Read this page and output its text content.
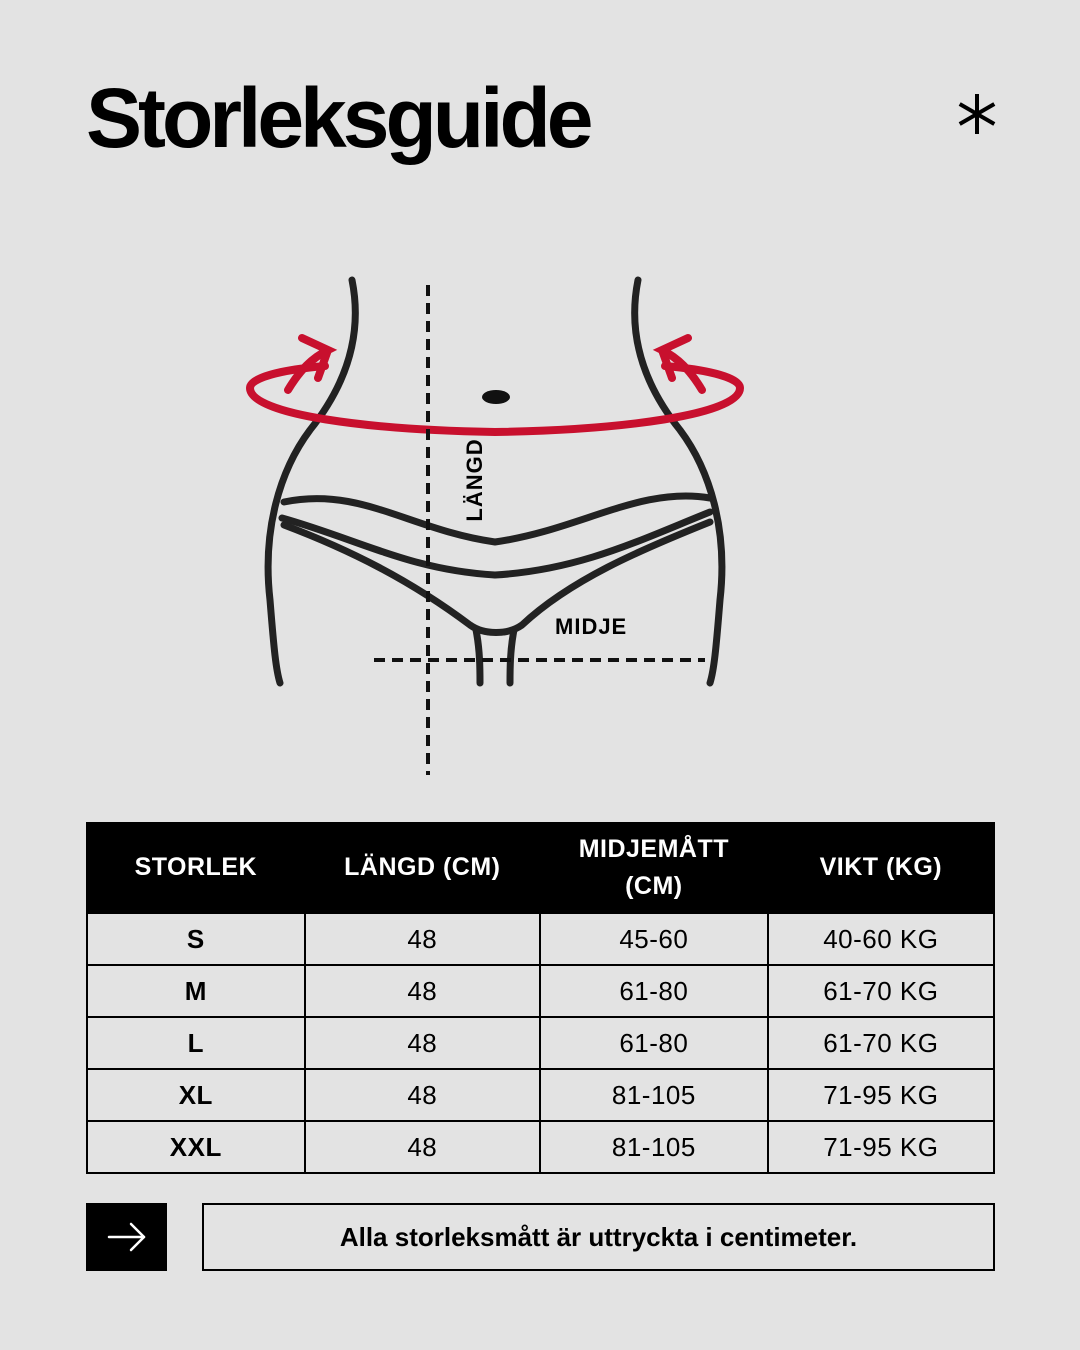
Storleksguide
LÄNGD
MIDJE
STORLEK	LÄNGD (CM)	MIDJEMÅTT (CM)	VIKT (KG)
S	48	45-60	40-60 KG
M	48	61-80	61-70 KG
L	48	61-80	61-70 KG
XL	48	81-105	71-95 KG
XXL	48	81-105	71-95 KG
Alla storleksmått är uttryckta i centimeter.
